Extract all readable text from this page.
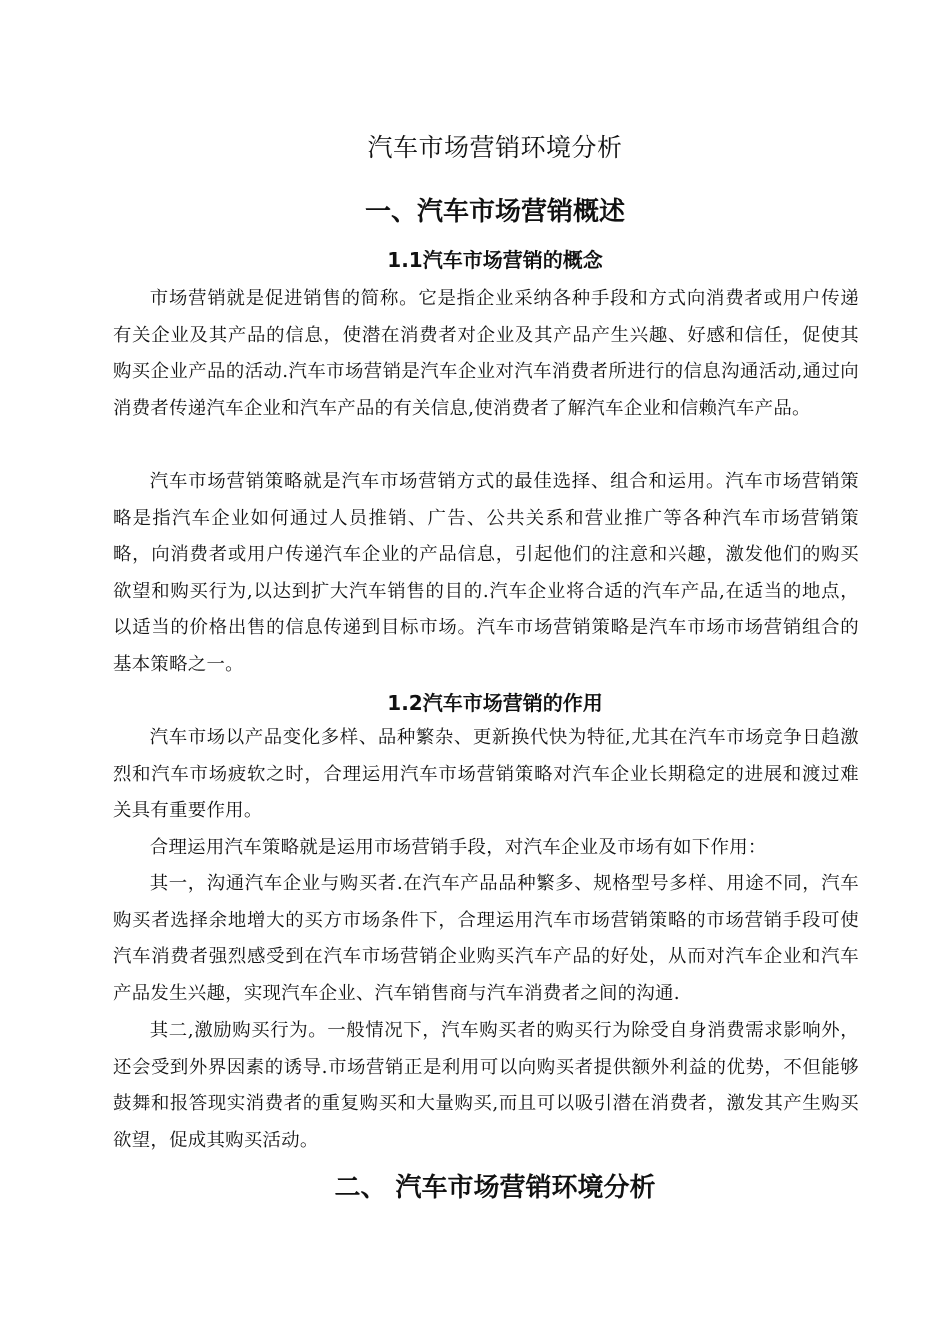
汽车市场营销环境分析
一、汽车市场营销概述
1.1汽车市场营销的概念

市场营销就是促进销售的简称。它是指企业采纳各种手段和方式向消费者或用户传递有关企业及其产品的信息，使潜在消费者对企业及其产品产生兴趣、好感和信任，促使其购买企业产品的活动.汽车市场营销是汽车企业对汽车消费者所进行的信息沟通活动,通过向消费者传递汽车企业和汽车产品的有关信息,使消费者了解汽车企业和信赖汽车产品。

汽车市场营销策略就是汽车市场营销方式的最佳选择、组合和运用。汽车市场营销策略是指汽车企业如何通过人员推销、广告、公共关系和营业推广等各种汽车市场营销策略，向消费者或用户传递汽车企业的产品信息，引起他们的注意和兴趣，激发他们的购买欲望和购买行为,以达到扩大汽车销售的目的.汽车企业将合适的汽车产品,在适当的地点，以适当的价格出售的信息传递到目标市场。汽车市场营销策略是汽车市场市场营销组合的基本策略之一。

1.2汽车市场营销的作用

汽车市场以产品变化多样、品种繁杂、更新换代快为特征,尤其在汽车市场竞争日趋激烈和汽车市场疲软之时，合理运用汽车市场营销策略对汽车企业长期稳定的进展和渡过难关具有重要作用。

合理运用汽车策略就是运用市场营销手段，对汽车企业及市场有如下作用：

其一，沟通汽车企业与购买者.在汽车产品品种繁多、规格型号多样、用途不同，汽车购买者选择余地增大的买方市场条件下，合理运用汽车市场营销策略的市场营销手段可使汽车消费者强烈感受到在汽车市场营销企业购买汽车产品的好处，从而对汽车企业和汽车产品发生兴趣，实现汽车企业、汽车销售商与汽车消费者之间的沟通.

其二,激励购买行为。一般情况下，汽车购买者的购买行为除受自身消费需求影响外，还会受到外界因素的诱导.市场营销正是利用可以向购买者提供额外利益的优势，不但能够鼓舞和报答现实消费者的重复购买和大量购买,而且可以吸引潜在消费者，激发其产生购买欲望，促成其购买活动。

二、 汽车市场营销环境分析
